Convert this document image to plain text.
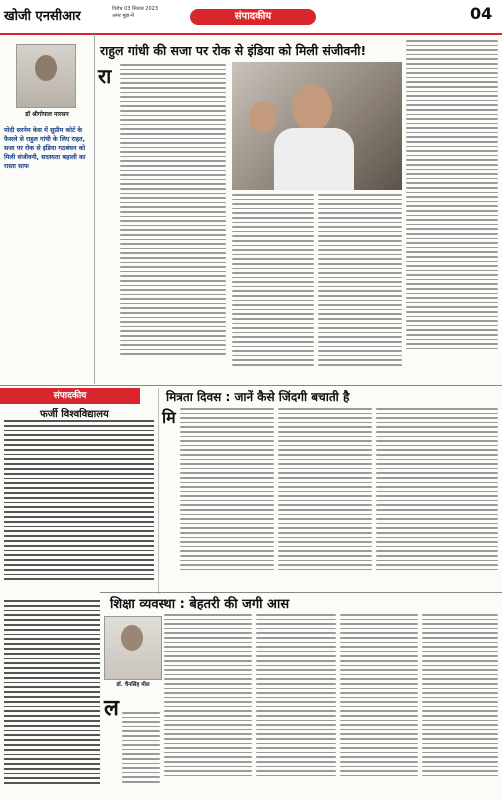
खोजी एनसीआर	विरोध 03 सिताब 2023
अमर मुझ-में	संपादकीय	04
डॉ श्रीगोपाल नारसन
मोदी सरनेम केस में सुप्रीम कोर्ट के फैसले से राहुल गांधी के लिए राहत, सजा पर रोक से इंडिया गठबंधन को मिली संजीवनी, सदस्यता बहाली का रास्ता साफ
राहुल गांधी की सजा पर रोक से इंडिया को मिली संजीवनी!
रा
संपादकीय
फर्जी विश्वविद्यालय
मित्रता दिवस : जानें कैसे जिंदगी बचाती है
मि
शिक्षा व्यवस्था : बेहतरी की जगी आस
डॉ. चैनसिंह मील
ल
